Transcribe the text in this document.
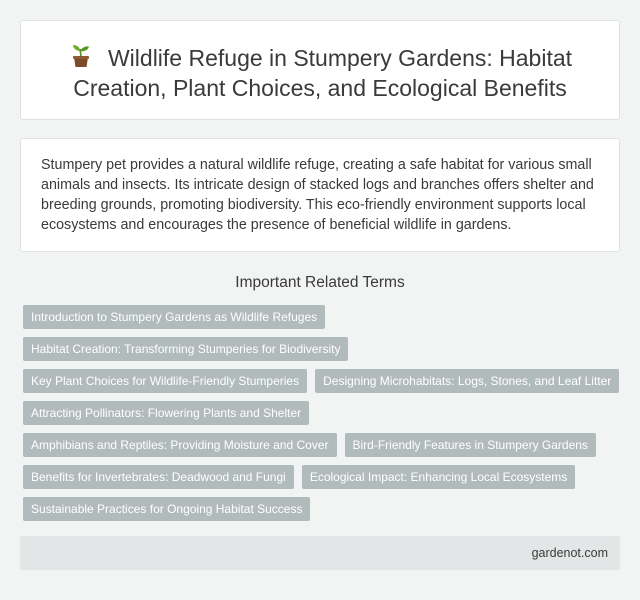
Wildlife Refuge in Stumpery Gardens: Habitat Creation, Plant Choices, and Ecological Benefits

Stumpery pet provides a natural wildlife refuge, creating a safe habitat for various small animals and insects. Its intricate design of stacked logs and branches offers shelter and breeding grounds, promoting biodiversity. This eco-friendly environment supports local ecosystems and encourages the presence of beneficial wildlife in gardens.

Important Related Terms
Introduction to Stumpery Gardens as Wildlife Refuges
Habitat Creation: Transforming Stumperies for Biodiversity
Key Plant Choices for Wildlife-Friendly Stumperies Designing Microhabitats: Logs, Stones, and Leaf Litter
Attracting Pollinators: Flowering Plants and Shelter
Amphibians and Reptiles: Providing Moisture and Cover Bird-Friendly Features in Stumpery Gardens
Benefits for Invertebrates: Deadwood and Fungi Ecological Impact: Enhancing Local Ecosystems
Sustainable Practices for Ongoing Habitat Success
gardenot.com
